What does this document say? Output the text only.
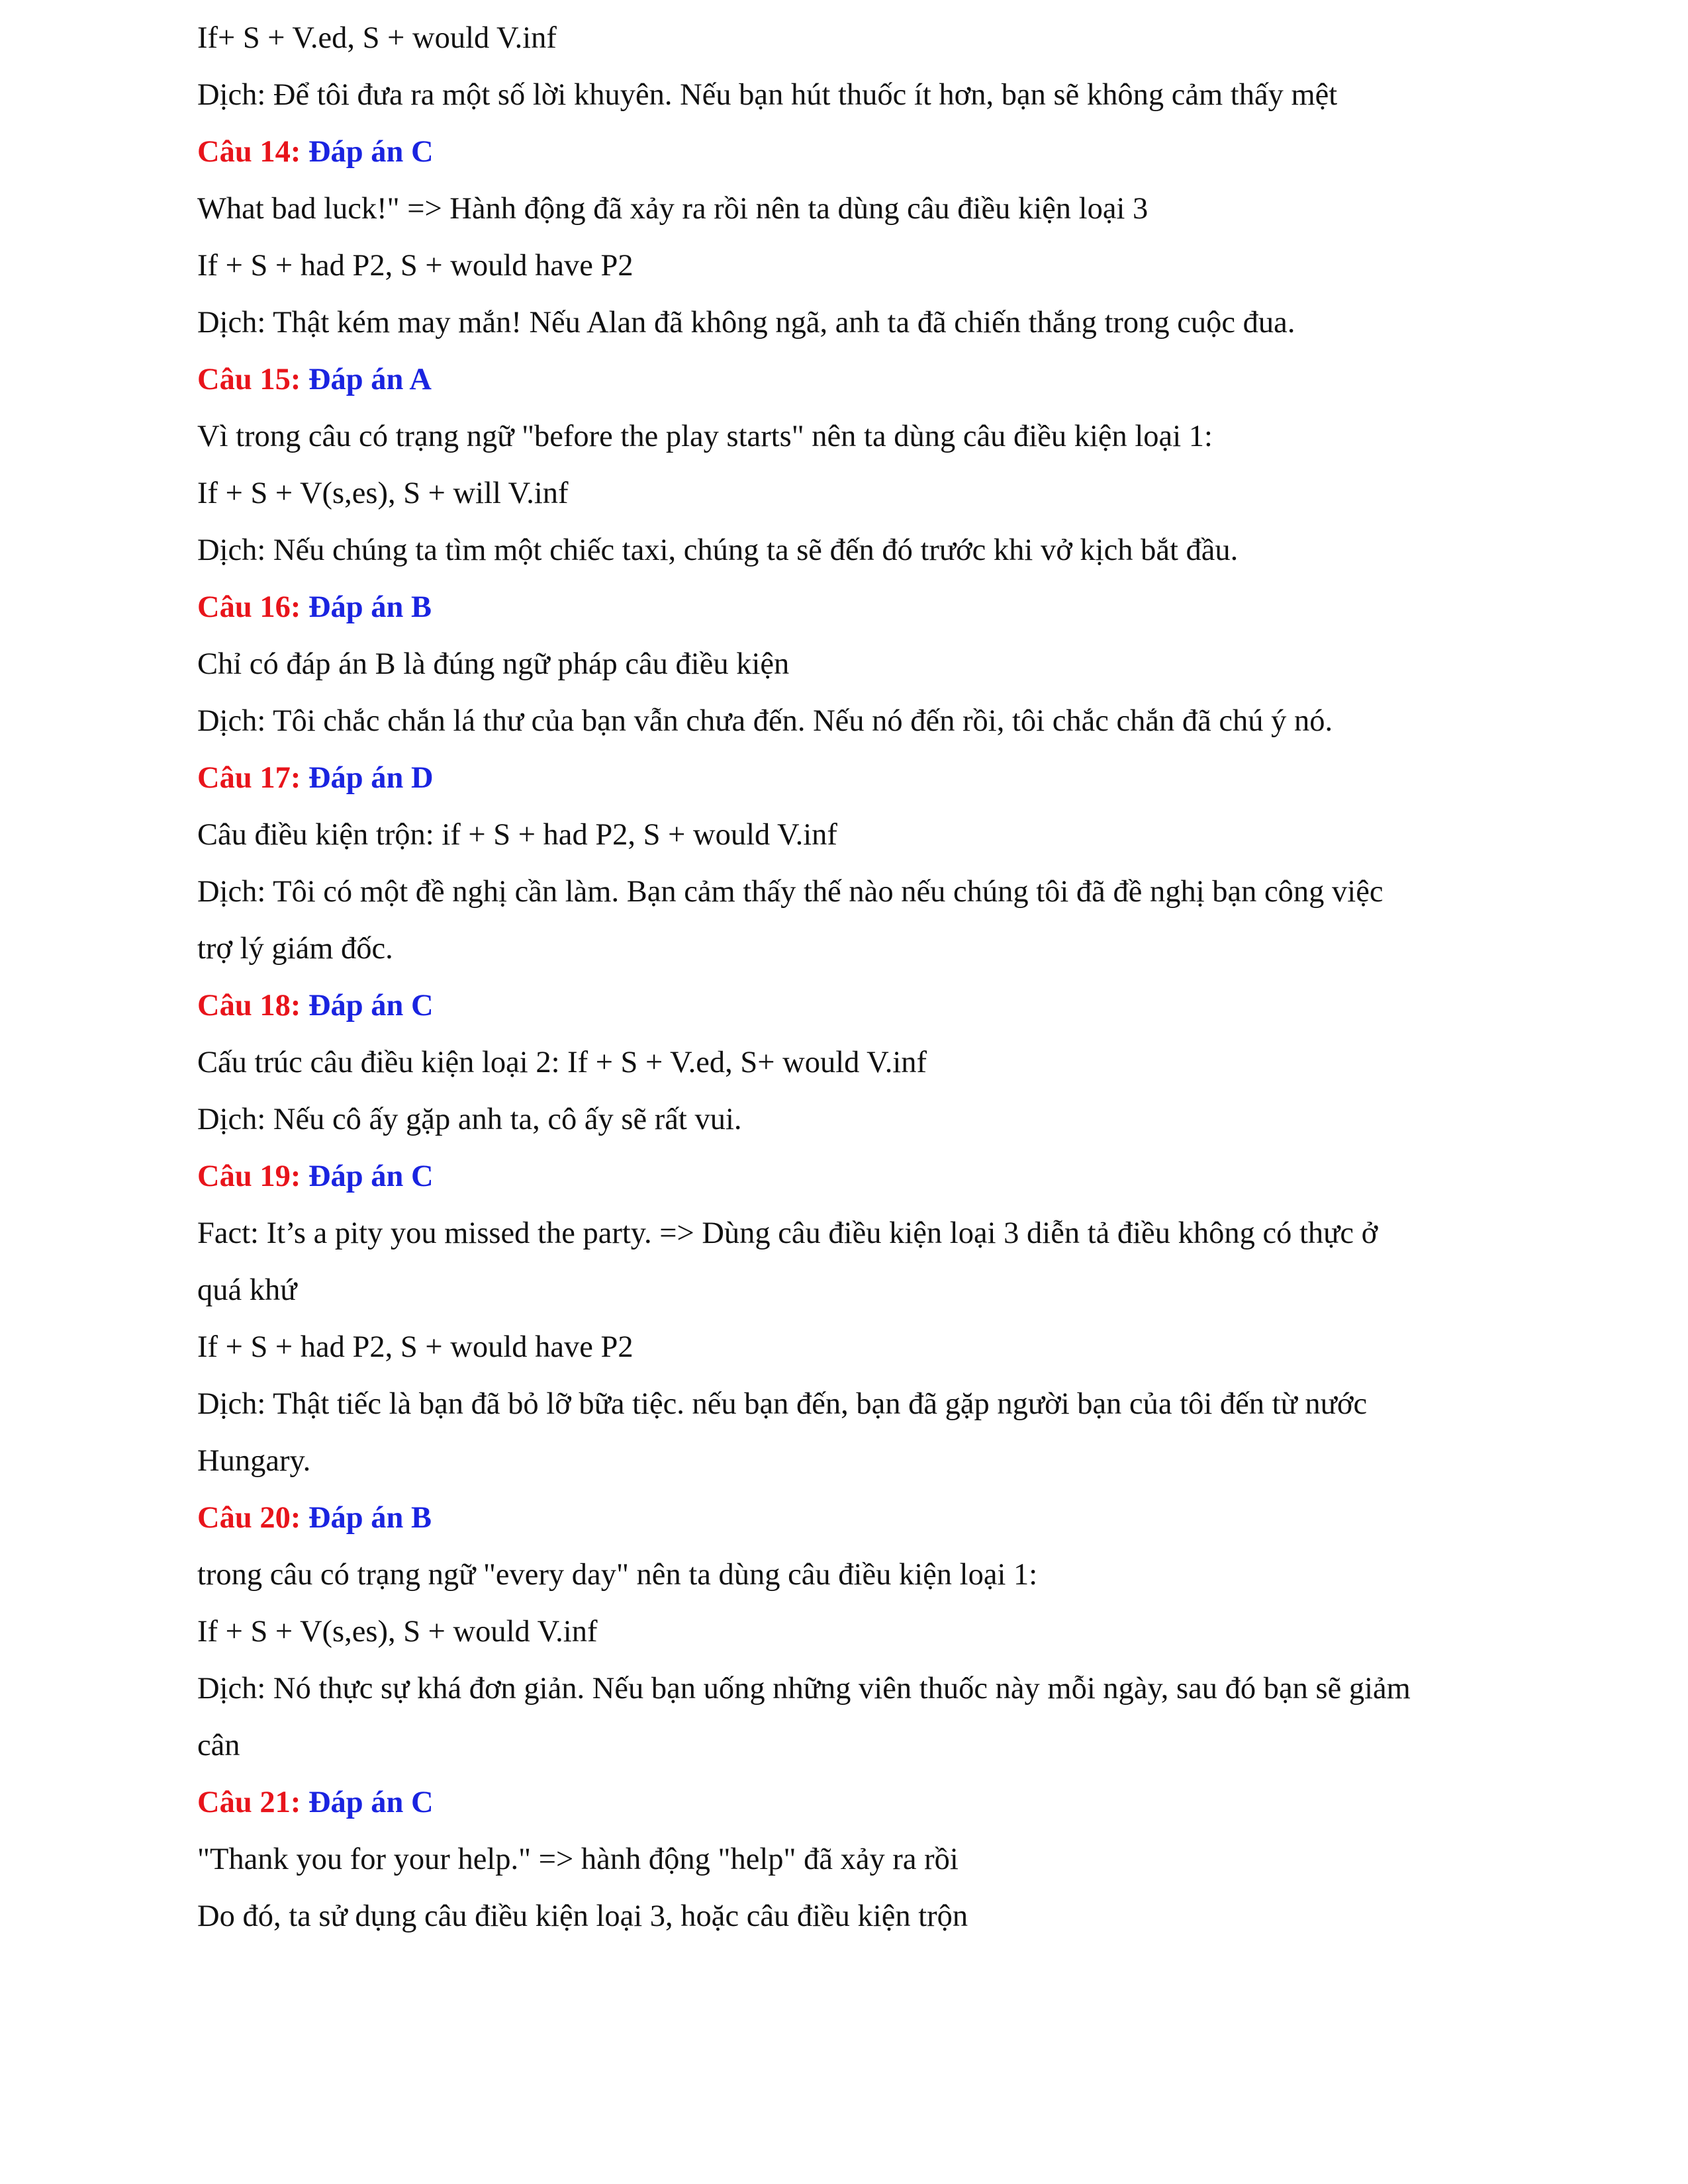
If+ S + V.ed, S + would V.inf
Dịch: Để tôi đưa ra một số lời khuyên. Nếu bạn hút thuốc ít hơn, bạn sẽ không cảm thấy mệt
Câu 14: Đáp án C
What bad luck!" => Hành động đã xảy ra rồi nên ta dùng câu điều kiện loại 3
If + S + had P2, S + would have P2
Dịch: Thật kém may mắn! Nếu Alan đã không ngã, anh ta đã chiến thắng trong cuộc đua.
Câu 15: Đáp án A
Vì trong câu có trạng ngữ "before the play starts" nên ta dùng câu điều kiện loại 1:
If + S + V(s,es), S + will V.inf
Dịch: Nếu chúng ta tìm một chiếc taxi, chúng ta sẽ đến đó trước khi vở kịch bắt đầu.
Câu 16: Đáp án B
Chỉ có đáp án B là đúng ngữ pháp câu điều kiện
Dịch: Tôi chắc chắn lá thư của bạn vẫn chưa đến. Nếu nó đến rồi, tôi chắc chắn đã chú ý nó.
Câu 17: Đáp án D
Câu điều kiện trộn: if + S + had P2, S + would V.inf
Dịch: Tôi có một đề nghị cần làm. Bạn cảm thấy thế nào nếu chúng tôi đã đề nghị bạn công việc
trợ lý giám đốc.
Câu 18: Đáp án C
Cấu trúc câu điều kiện loại 2: If + S + V.ed, S+ would V.inf
Dịch: Nếu cô ấy gặp anh ta, cô ấy sẽ rất vui.
Câu 19: Đáp án C
Fact: It’s a pity you missed the party. => Dùng câu điều kiện loại 3 diễn tả điều không có thực ở
quá khứ
If + S + had P2, S + would have P2
Dịch: Thật tiếc là bạn đã bỏ lỡ bữa tiệc. nếu bạn đến, bạn đã gặp người bạn của tôi đến từ nước
Hungary.
Câu 20: Đáp án B
trong câu có trạng ngữ "every day" nên ta dùng câu điều kiện loại 1:
If + S + V(s,es), S + would V.inf
Dịch: Nó thực sự khá đơn giản. Nếu bạn uống những viên thuốc này mỗi ngày, sau đó bạn sẽ giảm
cân
Câu 21: Đáp án C
"Thank you for your help." => hành động "help" đã xảy ra rồi
Do đó, ta sử dụng câu điều kiện loại 3, hoặc câu điều kiện trộn
